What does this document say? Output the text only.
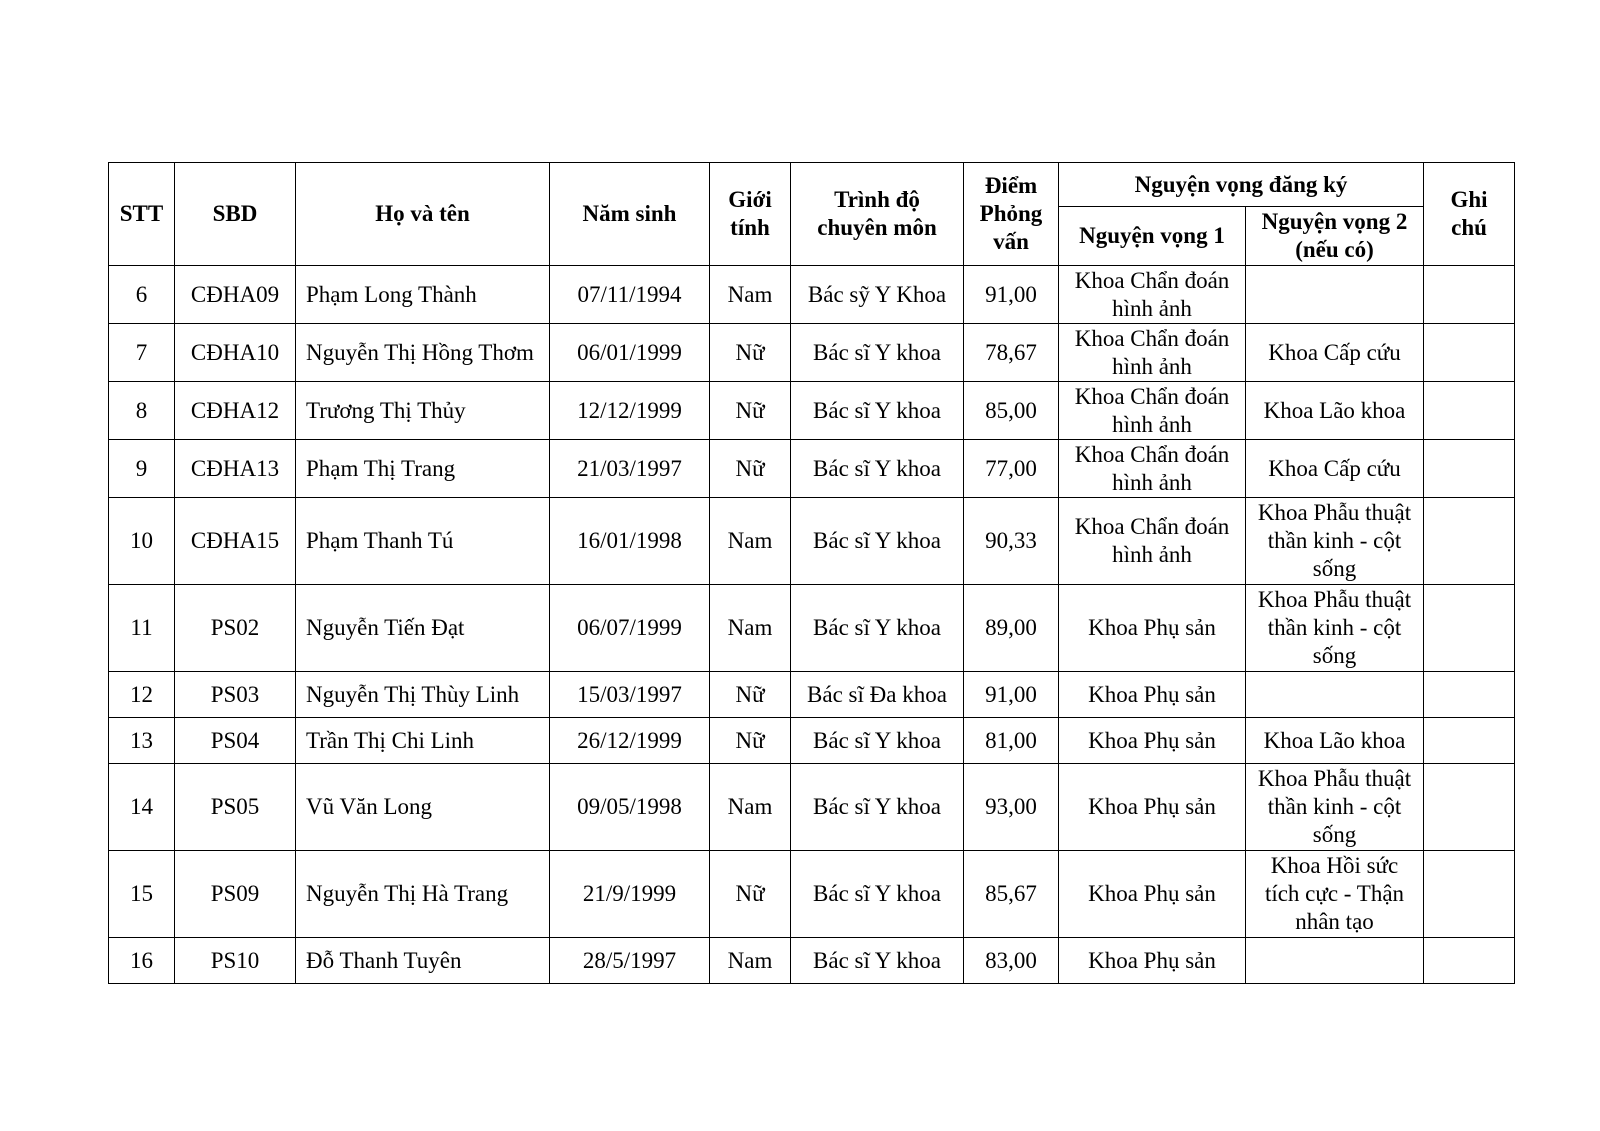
STT	SBD	Họ và tên	Năm sinh	Giới tính	Trình độ chuyên môn	Điểm Phỏng vấn	Nguyện vọng đăng ký		Ghi chú
							Nguyện vọng 1	Nguyện vọng 2 (nếu có)	
6	CĐHA09	Phạm Long Thành	07/11/1994	Nam	Bác sỹ Y Khoa	91,00	Khoa Chẩn đoán hình ảnh		
7	CĐHA10	Nguyễn Thị Hồng Thơm	06/01/1999	Nữ	Bác sĩ Y khoa	78,67	Khoa Chẩn đoán hình ảnh	Khoa Cấp cứu	
8	CĐHA12	Trương Thị Thủy	12/12/1999	Nữ	Bác sĩ Y khoa	85,00	Khoa Chẩn đoán hình ảnh	Khoa Lão khoa	
9	CĐHA13	Phạm Thị Trang	21/03/1997	Nữ	Bác sĩ Y khoa	77,00	Khoa Chẩn đoán hình ảnh	Khoa Cấp cứu	
10	CĐHA15	Phạm Thanh Tú	16/01/1998	Nam	Bác sĩ Y khoa	90,33	Khoa Chẩn đoán hình ảnh	Khoa Phẫu thuật thần kinh - cột sống	
11	PS02	Nguyễn Tiến Đạt	06/07/1999	Nam	Bác sĩ Y khoa	89,00	Khoa Phụ sản	Khoa Phẫu thuật thần kinh - cột sống	
12	PS03	Nguyễn Thị Thùy Linh	15/03/1997	Nữ	Bác sĩ Đa khoa	91,00	Khoa Phụ sản		
13	PS04	Trần Thị Chi Linh	26/12/1999	Nữ	Bác sĩ Y khoa	81,00	Khoa Phụ sản	Khoa Lão khoa	
14	PS05	Vũ Văn Long	09/05/1998	Nam	Bác sĩ Y khoa	93,00	Khoa Phụ sản	Khoa Phẫu thuật thần kinh - cột sống	
15	PS09	Nguyễn Thị Hà Trang	21/9/1999	Nữ	Bác sĩ Y khoa	85,67	Khoa Phụ sản	Khoa Hồi sức tích cực - Thận nhân tạo	
16	PS10	Đỗ Thanh Tuyên	28/5/1997	Nam	Bác sĩ Y khoa	83,00	Khoa Phụ sản		
